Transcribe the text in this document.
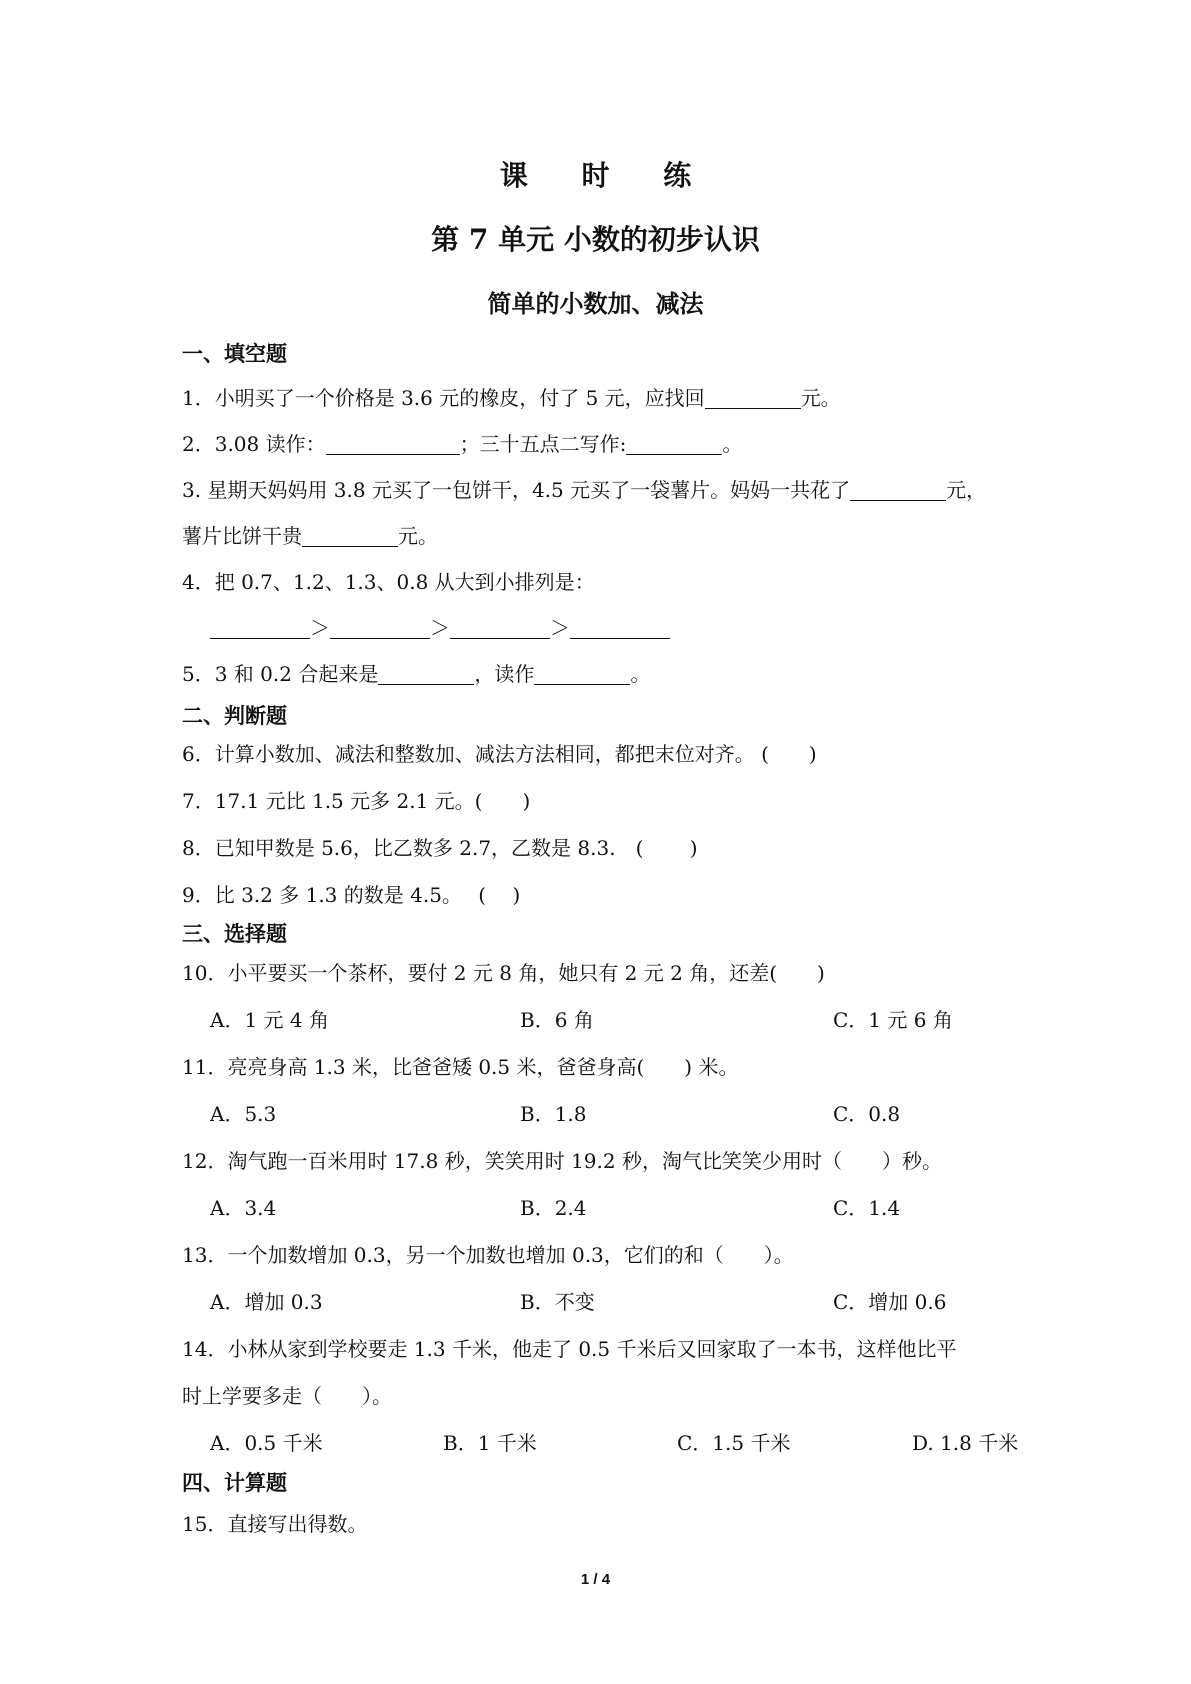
课 时 练
第 7 单元 小数的初步认识
简单的小数加、减法
一、填空题
1．小明买了一个价格是 3.6 元的橡皮，付了 5 元，应找回	元。
2．3.08 读作：	；三十五点二写作:	。
3. 星期天妈妈用 3.8 元买了一包饼干，4.5 元买了一袋薯片。妈妈一共花了	元，
薯片比饼干贵	元。
4．把 0.7、1.2、1.3、0.8 从大到小排列是：
＞	＞	＞
5．3 和 0.2 合起来是	，读作	。
二、判断题
6．计算小数加、减法和整数加、减法方法相同，都把末位对齐。 (　　)
7．17.1 元比 1.5 元多 2.1 元。(　　)
8．已知甲数是 5.6，比乙数多 2.7，乙数是 8.3.　(　　 )
9．比 3.2 多 1.3 的数是 4.5。　 (　 )
三、选择题
10．小平要买一个茶杯，要付 2 元 8 角，她只有 2 元 2 角，还差(　　)
A．1 元 4 角	B．6 角	C．1 元 6 角
11．亮亮身高 1.3 米，比爸爸矮 0.5 米，爸爸身高(　　) 米。
A．5.3	B．1.8	C．0.8
12．淘气跑一百米用时 17.8 秒，笑笑用时 19.2 秒，淘气比笑笑少用时（　　）秒。
A．3.4	B．2.4	C．1.4
13．一个加数增加 0.3，另一个加数也增加 0.3，它们的和（　　）。
A．增加 0.3	B．不变	C．增加 0.6
14．小林从家到学校要走 1.3 千米，他走了 0.5 千米后又回家取了一本书，这样他比平
时上学要多走（　　）。
A．0.5 千米	B．1 千米	C．1.5 千米	D. 1.8 千米
四、计算题
15．直接写出得数。
1 / 4
